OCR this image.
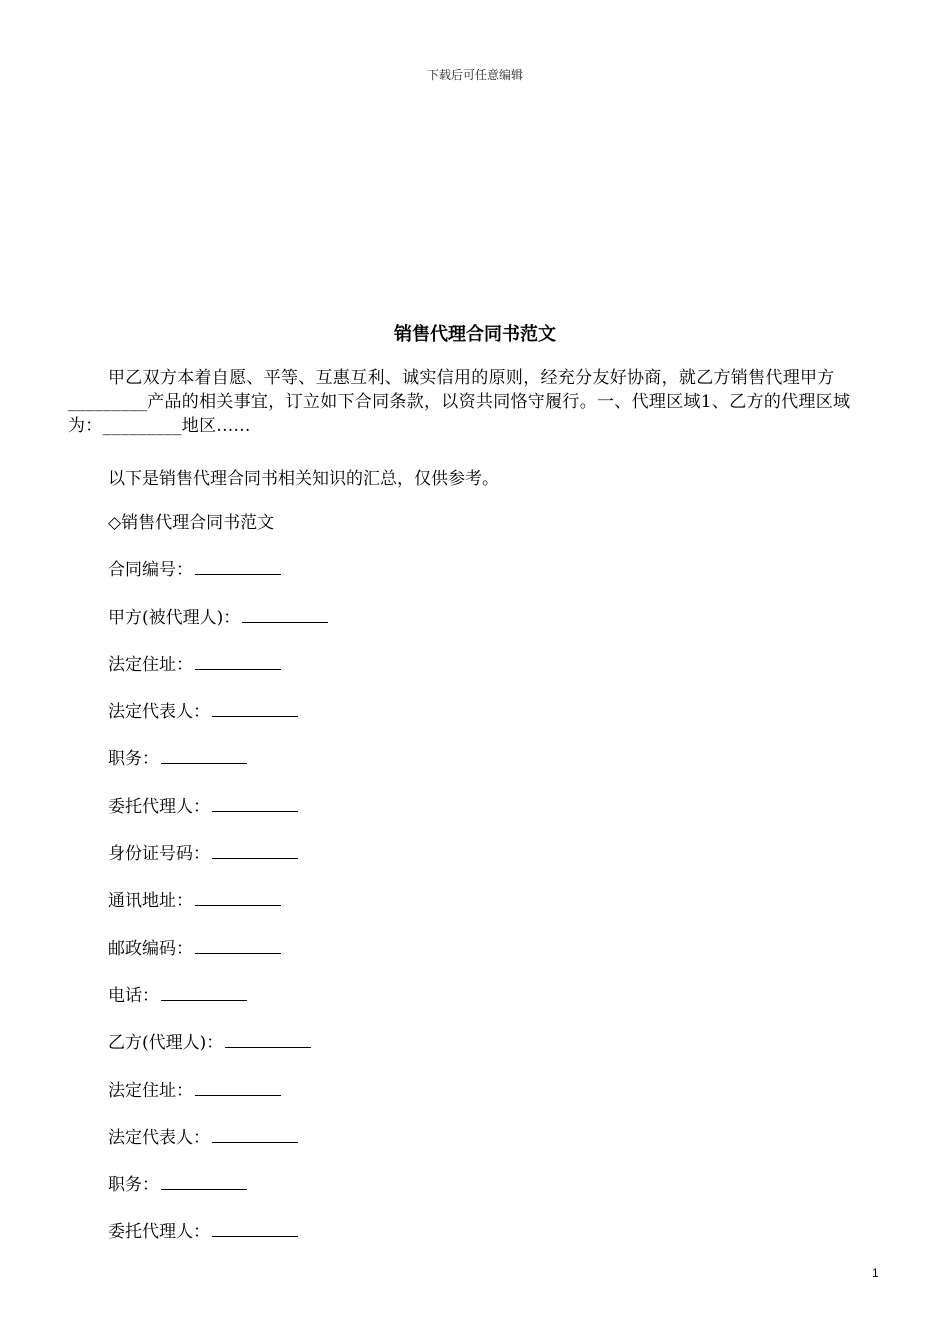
下载后可任意编辑
销售代理合同书范文
甲乙双方本着自愿、平等、互惠互利、诚实信用的原则，经充分友好协商，就乙方销售代理甲方_________产品的相关事宜，订立如下合同条款，以资共同恪守履行。一、代理区域1、乙方的代理区域为：_________地区......
以下是销售代理合同书相关知识的汇总，仅供参考。
◇销售代理合同书范文
合同编号：
甲方(被代理人)：
法定住址：
法定代表人：
职务：
委托代理人：
身份证号码：
通讯地址：
邮政编码：
电话：
乙方(代理人)：
法定住址：
法定代表人：
职务：
委托代理人：
1
